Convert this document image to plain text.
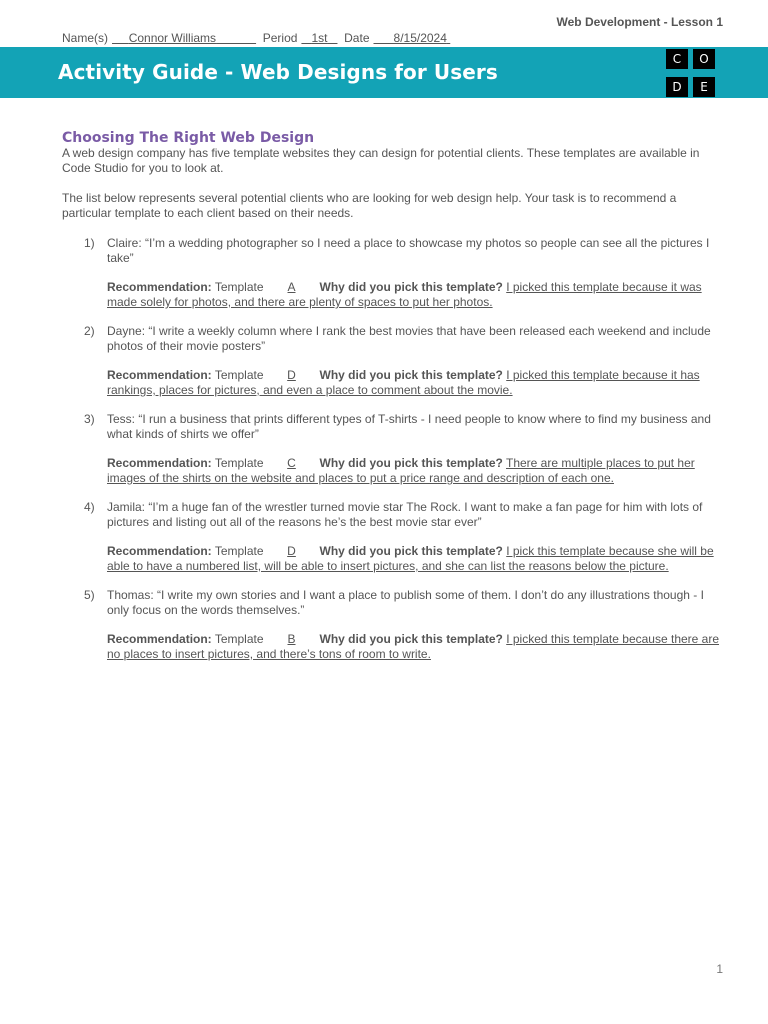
Web Development - Lesson 1
Name(s) Connor Williams	Period 1st Date 8/15/2024
Activity Guide - Web Designs for Users
C	O
D	E
Choosing The Right Web Design

A web design company has five template websites they can design for potential clients. These templates are available in Code Studio for you to look at.

The list below represents several potential clients who are looking for web design help. Your task is to recommend a particular template to each client based on their needs.

1) Claire: “I’m a wedding photographer so I need a place to showcase my photos so people can see all the pictures I take”
Recommendation: Template A Why did you pick this template? I picked this template because it was made solely for photos, and there are plenty of spaces to put her photos.
2) Dayne: “I write a weekly column where I rank the best movies that have been released each weekend and include photos of their movie posters”
Recommendation: Template D Why did you pick this template? I picked this template because it has rankings, places for pictures, and even a place to comment about the movie.
3) Tess: “I run a business that prints different types of T-shirts - I need people to know where to find my business and what kinds of shirts we offer”
Recommendation: Template C Why did you pick this template? There are multiple places to put her images of the shirts on the website and places to put a price range and description of each one.
4) Jamila: “I’m a huge fan of the wrestler turned movie star The Rock. I want to make a fan page for him with lots of pictures and listing out all of the reasons he’s the best movie star ever”
Recommendation: Template D Why did you pick this template? I pick this template because she will be able to have a numbered list, will be able to insert pictures, and she can list the reasons below the picture.
5) Thomas: “I write my own stories and I want a place to publish some of them. I don’t do any illustrations though - I only focus on the words themselves.”
Recommendation: Template B Why did you pick this template? I picked this template because there are no places to insert pictures, and there’s tons of room to write.
1
